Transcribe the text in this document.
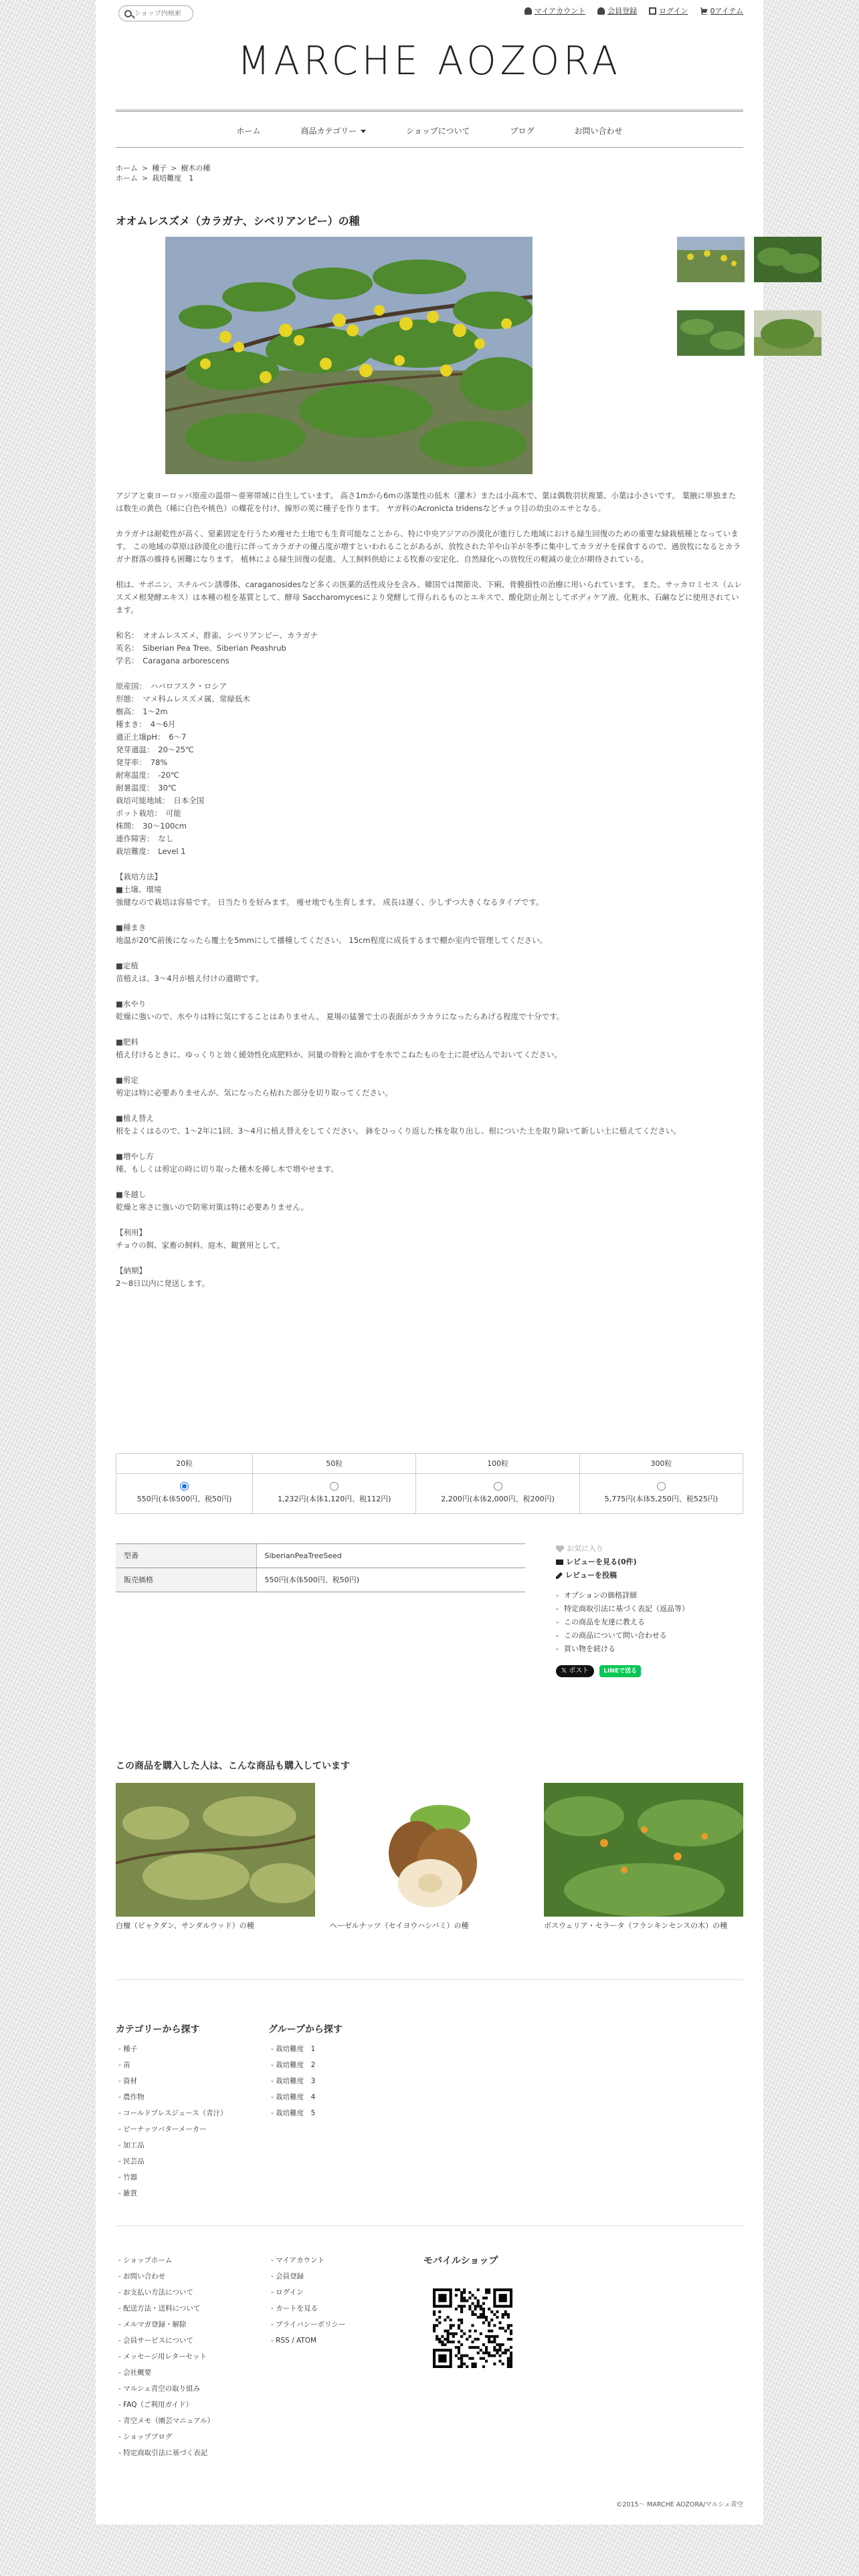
ショップ内検索
マイアカウント	会員登録	ログイン	0アイテム
MARCHE AOZORA
ホーム	商品カテゴリー	ショップについて	ブログ	お問い合わせ
ホーム > 種子 > 樹木の種
ホーム > 栽培難度　1
オオムレスズメ（カラガナ、シベリアンピー）の種

アジアと東ヨーロッパ原産の温帯〜亜寒帯域に自生しています。 高さ1mから6mの落葉性の低木（灌木）または小高木で、葉は偶数羽状複葉、小葉は小さいです。 葉腋に単独または数生の黄色（稀に白色や桃色）の蝶花を付け、線形の莢に種子を作ります。 ヤガ科のAcronicta tridensなどチョウ目の幼虫のエサとなる。

カラガナは耐乾性が高く、窒素固定を行うため痩せた土地でも生育可能なことから、特に中央アジアの沙漠化が進行した地域における緑生回復のための重要な緑栽植種となっています。 この地域の草原は砂漠化の進行に伴ってカラガナの優占度が増すといわれることがあるが、放牧された羊や山羊が冬季に集中してカラガナを採食するので、過放牧になるとカラガナ群落の維持も困難になります。 植林による緑生回復の促進、人工飼料供給による牧畜の安定化、自然緑化への放牧圧の軽減の並立が期待されている。

根は、サポニン、スチルベン誘導体、caraganosidesなど多くの医薬的活性成分を含み、韓国では関節炎、下痢、骨膜損性の治療に用いられています。 また、サッカロミセス（ムレスズメ根発酵エキス）は本種の根を基質として、酵母 Saccharomycesにより発酵して得られるものとエキスで、酸化防止剤としてボディケア液、化粧水、石鹸などに使用されています。

和名：　オオムレスズメ、群雀、シベリアンピー、カラガナ
英名：　Siberian Pea Tree、Siberian Peashrub
学名：　Caragana arborescens

原産国：　ハバロフスク・ロシア
形態：　マメ科ムレスズメ属、常緑低木
樹高：　1〜2m
種まき：　4〜6月
適正土壌pH：　6〜7
発芽適温：　20〜25℃
発芽率：　78%
耐寒温度：　-20℃
耐暑温度：　30℃
栽培可能地域：　日本全国
ポット栽培：　可能
株間：　30〜100cm
連作障害：　なし
栽培難度：　Level 1

【栽培方法】
■土壌、環境
強健なので栽培は容易です。 日当たりを好みます。 痩せ地でも生育します。 成長は遅く、少しずつ大きくなるタイプです。

■種まき
地温が20℃前後になったら覆土を5mmにして播種してください。 15cm程度に成長するまで棚か室内で管理してください。

■定植
苗植えは、3〜4月が植え付けの適期です。

■水やり
乾燥に強いので、水やりは特に気にすることはありません。 夏場の猛暑で土の表面がカラカラになったらあげる程度で十分です。

■肥料
植え付けるときに、ゆっくりと効く緩効性化成肥料か、同量の骨粉と油かすを水でこねたものを土に混ぜ込んでおいてください。

■剪定
剪定は特に必要ありませんが、気になったら枯れた部分を切り取ってください。

■植え替え
根をよくはるので、1〜2年に1回、3〜4月に植え替えをしてください。 鉢をひっくり返した株を取り出し、根についた土を取り除いて新しい土に植えてください。

■増やし方
種、もしくは剪定の時に切り取った穂木を挿し木で増やせます。

■冬越し
乾燥と寒さに強いので防寒対策は特に必要ありません。

【利用】
チョウの餌、家畜の飼料、庭木、観賞用として。

【納期】
2〜8日以内に発送します。

20粒	50粒	100粒	300粒

550円(本体500円、税50円)	1,232円(本体1,120円、税112円)	2,200円(本体2,000円、税200円)	5,775円(本体5,250円、税525円)
型番	SiberianPeaTreeSeed
販売価格	550円(本体500円、税50円)
お気に入り
レビューを見る(0件)
レビューを投稿
- オプションの価格詳細
- 特定商取引法に基づく表記（返品等）
- この商品を友達に教える
- この商品について問い合わせる
- 買い物を続ける
𝕏 ポスト	LINEで送る
この商品を購入した人は、こんな商品も購入しています
白檀（ビャクダン、サンダルウッド）の種	ヘーゼルナッツ（セイヨウハシバミ）の種	ボスウェリア・セラータ（フランキンセンスの木）の種
カテゴリーから探す
- 種子
- 苗
- 資材
- 農作物
- コールドプレスジュース（青汁）
- ピーナッツバターメーカー
- 加工品
- 民芸品
- 竹器
- 雑貨
グループから探す
- 栽培難度　1
- 栽培難度　2
- 栽培難度　3
- 栽培難度　4
- 栽培難度　5
- ショップホーム
- お問い合わせ
- お支払い方法について
- 配送方法・送料について
- メルマガ登録・解除
- 会員サービスについて
- メッセージ用レターセット
- 会社概要
- マルシェ青空の取り組み
- FAQ（ご利用ガイド）
- 青空メモ（園芸マニュアル）
- ショップブログ
- 特定商取引法に基づく表記
- マイアカウント
- 会員登録
- ログイン
- カートを見る
- プライバシーポリシー
- RSS / ATOM
モバイルショップ
©2015〜 MARCHE AOZORA/マルシェ青空
